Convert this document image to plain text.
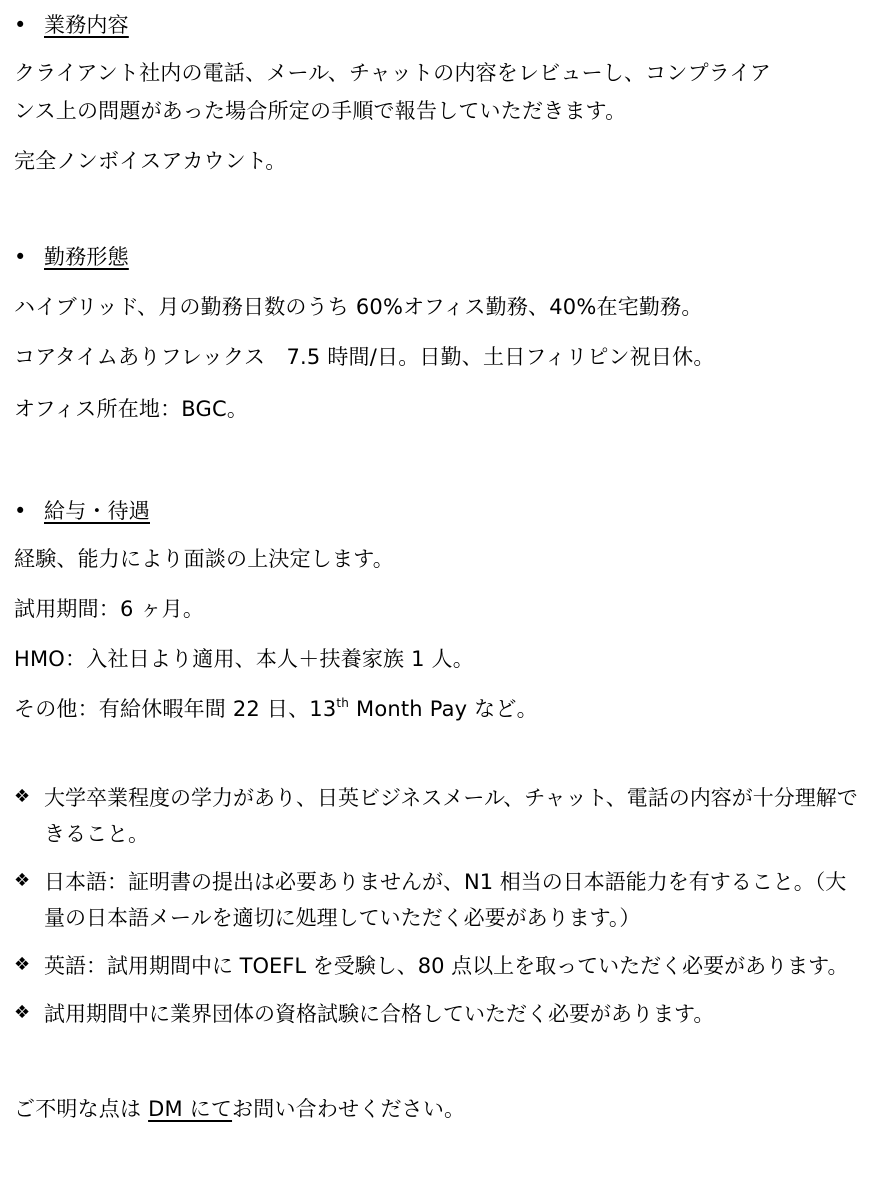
• 業務内容

クライアント社内の電話、メール、チャットの内容をレビューし、コンプライア

ンス上の問題があった場合所定の手順で報告していただきます。

完全ノンボイスアカウント。

• 勤務形態

ハイブリッド、月の勤務日数のうち 60%オフィス勤務、40%在宅勤務。

コアタイムありフレックス　7.5 時間/日。日勤、土日フィリピン祝日休。

オフィス所在地：BGC。

• 給与・待遇

経験、能力により面談の上決定します。

試用期間：6 ヶ月。

HMO：入社日より適用、本人＋扶養家族 1 人。

その他：有給休暇年間 22 日、13th Month Pay など。

❖ 大学卒業程度の学力があり、日英ビジネスメール、チャット、電話の内容が十分理解できること。
❖ 日本語：証明書の提出は必要ありませんが、N1 相当の日本語能力を有すること。（大量の日本語メールを適切に処理していただく必要があります。）
❖ 英語：試用期間中に TOEFL を受験し、80 点以上を取っていただく必要があります。
❖ 試用期間中に業界団体の資格試験に合格していただく必要があります。

ご不明な点は DM にてお問い合わせください。
